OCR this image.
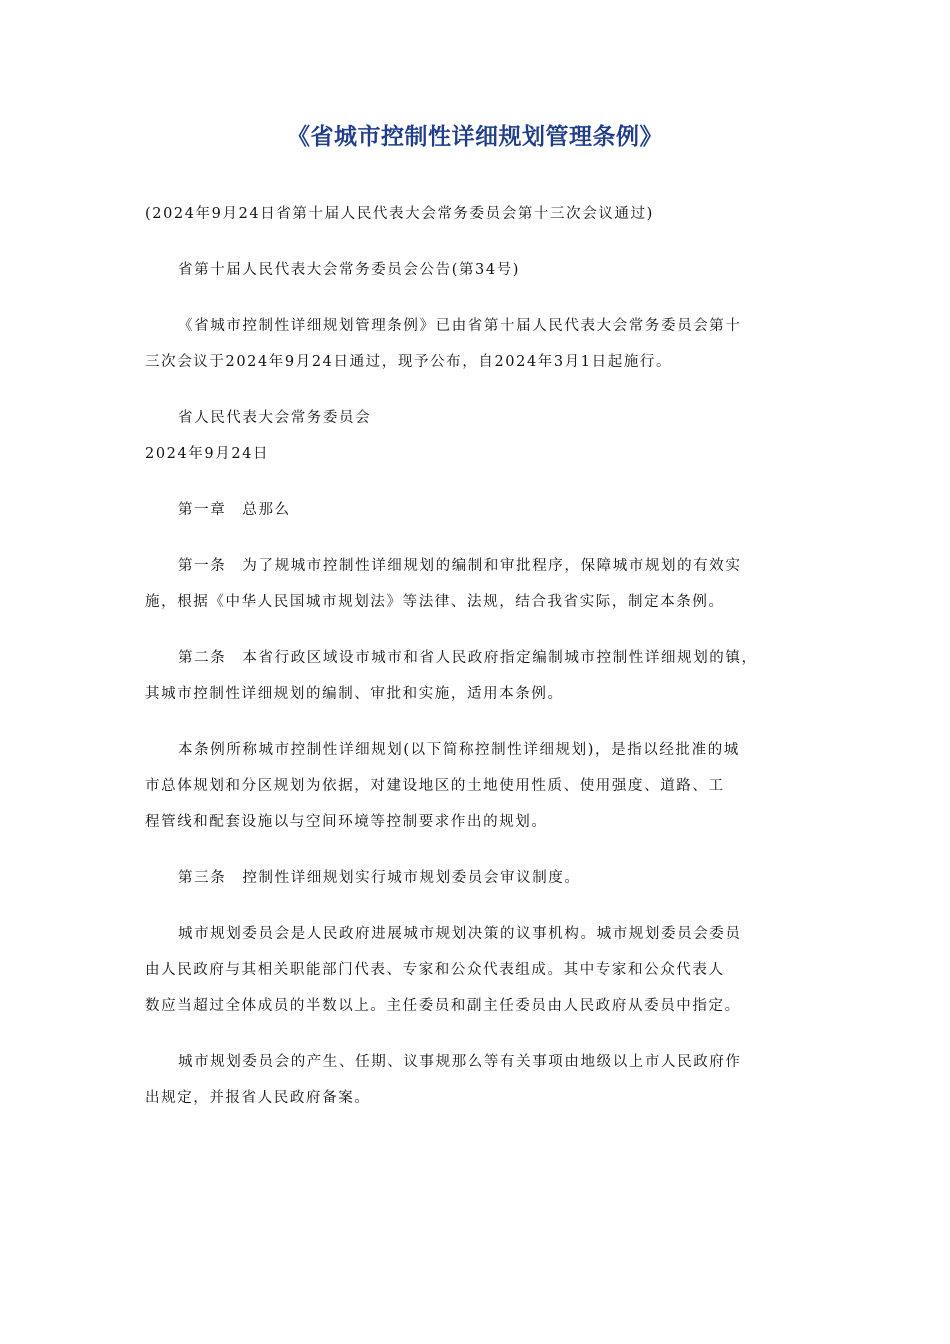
《省城市控制性详细规划管理条例》

(2024年9月24日省第十届人民代表大会常务委员会第十三次会议通过)

省第十届人民代表大会常务委员会公告(第34号)

《省城市控制性详细规划管理条例》已由省第十届人民代表大会常务委员会第十
三次会议于2024年9月24日通过，现予公布，自2024年3月1日起施行。

省人民代表大会常务委员会

2024年9月24日

第一章　总那么

第一条　为了规城市控制性详细规划的编制和审批程序，保障城市规划的有效实
施，根据《中华人民国城市规划法》等法律、法规，结合我省实际，制定本条例。

第二条　本省行政区域设市城市和省人民政府指定编制城市控制性详细规划的镇，
其城市控制性详细规划的编制、审批和实施，适用本条例。

本条例所称城市控制性详细规划(以下简称控制性详细规划)，是指以经批准的城
市总体规划和分区规划为依据，对建设地区的土地使用性质、使用强度、道路、工
程管线和配套设施以与空间环境等控制要求作出的规划。

第三条　控制性详细规划实行城市规划委员会审议制度。

城市规划委员会是人民政府进展城市规划决策的议事机构。城市规划委员会委员
由人民政府与其相关职能部门代表、专家和公众代表组成。其中专家和公众代表人
数应当超过全体成员的半数以上。主任委员和副主任委员由人民政府从委员中指定。

城市规划委员会的产生、任期、议事规那么等有关事项由地级以上市人民政府作
出规定，并报省人民政府备案。
